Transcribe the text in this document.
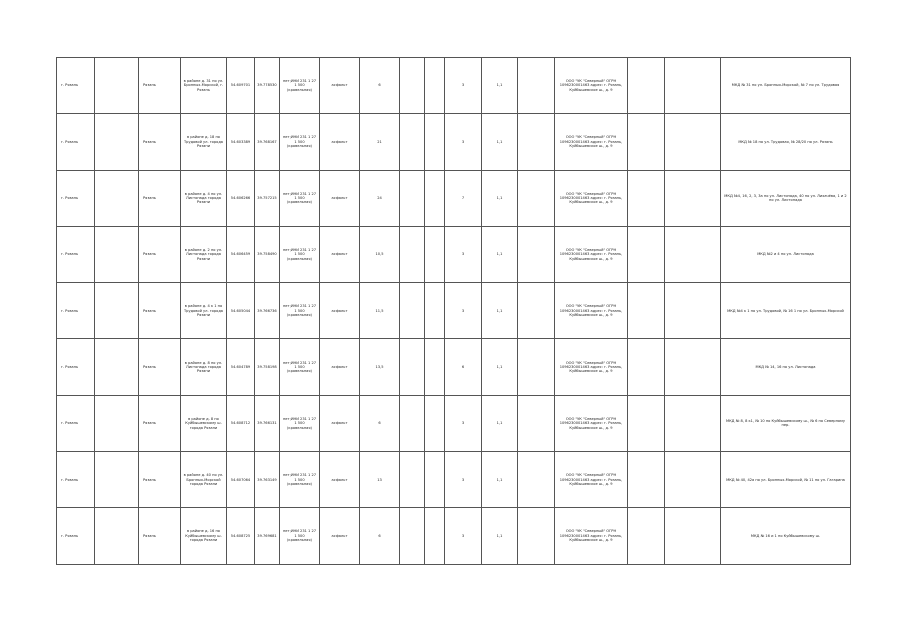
г. Рязань		Рязань	в районе д. 31 по ул. Бронных-Морской, г. Рязань	54.609701	39.778530	нет;ИНИ 231 1 27 1 500 (кровельная)	асфальт	6			3	1,1		ООО "УК "Северный" ОГРН 1096230001463 адрес: г. Рязань, Куйбышевское ш., д. 9			МКД № 31 по ул. Бронных-Морской, № 7 по ул. Трудовая
г. Рязань		Рязань	в районе д. 18 по Трудовой ул. города Рязани	54.603389	39.768167	нет;ИНИ 231 1 27 1 500 (кровельная)	асфальт	21			3	1,1		ООО "УК "Северный" ОГРН 1096230001463 адрес: г. Рязань, Куйбышевское ш., д. 9			МКД № 18 по ул. Трудовая, № 28/20 по ул. Рязань
г. Рязань		Рязань	в районе д. 4 по ул. Листопада города Рязани	54.606266	39.757215	нет;ИНИ 231 1 27 1 500 (кровельная)	асфальт	24			7	1,1		ООО "УК "Северный" ОГРН 1096230001463 адрес: г. Рязань, Куйбышевское ш., д. 9			МКД №4, 16, 2, 3, 3а по ул. Листопада, 40 по ул. Лихачёва, 1 и 2 по ул. Листопада
г. Рязань		Рязань	в районе д. 2 по ул. Листопада города Рязани	54.606459	39.758490	нет;ИНИ 231 1 27 1 500 (кровельная)	асфальт	10,5			3	1,1		ООО "УК "Северный" ОГРН 1096230001463 адрес: г. Рязань, Куйбышевское ш., д. 9			МКД №2 и 4 по ул. Листопада
г. Рязань		Рязань	в районе д. 4 к 1 по Трудовой ул. города Рязани	54.605044	39.766736	нет;ИНИ 231 1 27 1 500 (кровельная)	асфальт	11,5			3	1,1		ООО "УК "Северный" ОГРН 1096230001463 адрес: г. Рязань, Куйбышевское ш., д. 9			МКД №4 к 1 по ул. Трудовой, № 16 1 по ул. Бронных-Морской
г. Рязань		Рязань	в районе д. 8 по ул. Листопада города Рязани	54.604789	39.758198	нет;ИНИ 231 1 27 1 500 (кровельная)	асфальт	13,5			6	1,1		ООО "УК "Северный" ОГРН 1096230001463 адрес: г. Рязань, Куйбышевское ш., д. 9			МКД № 14, 16 по ул. Листопада
г. Рязань		Рязань	в районе д. 8 по Куйбышевскому ш. города Рязани	54.608712	39.766131	нет;ИНИ 231 1 27 1 500 (кровельная)	асфальт	6			3	1,1		ООО "УК "Северный" ОГРН 1096230001463 адрес: г. Рязань, Куйбышевское ш., д. 9			МКД № 8, 8 к1, № 10 по Куйбышевскому ш., № 6 по Северному пер.
г. Рязань		Рязань	в районе д. 40 по ул. Бронных-Морской города Рязани	54.607064	39.763149	нет;ИНИ 231 1 27 1 500 (кровельная)	асфальт	13			3	1,1		ООО "УК "Северный" ОГРН 1096230001463 адрес: г. Рязань, Куйбышевское ш., д. 9			МКД № 40, 42а по ул. Бронных-Морской, № 11 по ул. Гагарина
г. Рязань		Рязань	в районе д. 16 по Куйбышевскому ш. города Рязани	54.608725	39.769681	нет;ИНИ 231 1 27 1 500 (кровельная)	асфальт	6			3	1,1		ООО "УК "Северный" ОГРН 1096230001463 адрес: г. Рязань, Куйбышевское ш., д. 9			МКД № 16 и 1 по Куйбышевскому ш.
